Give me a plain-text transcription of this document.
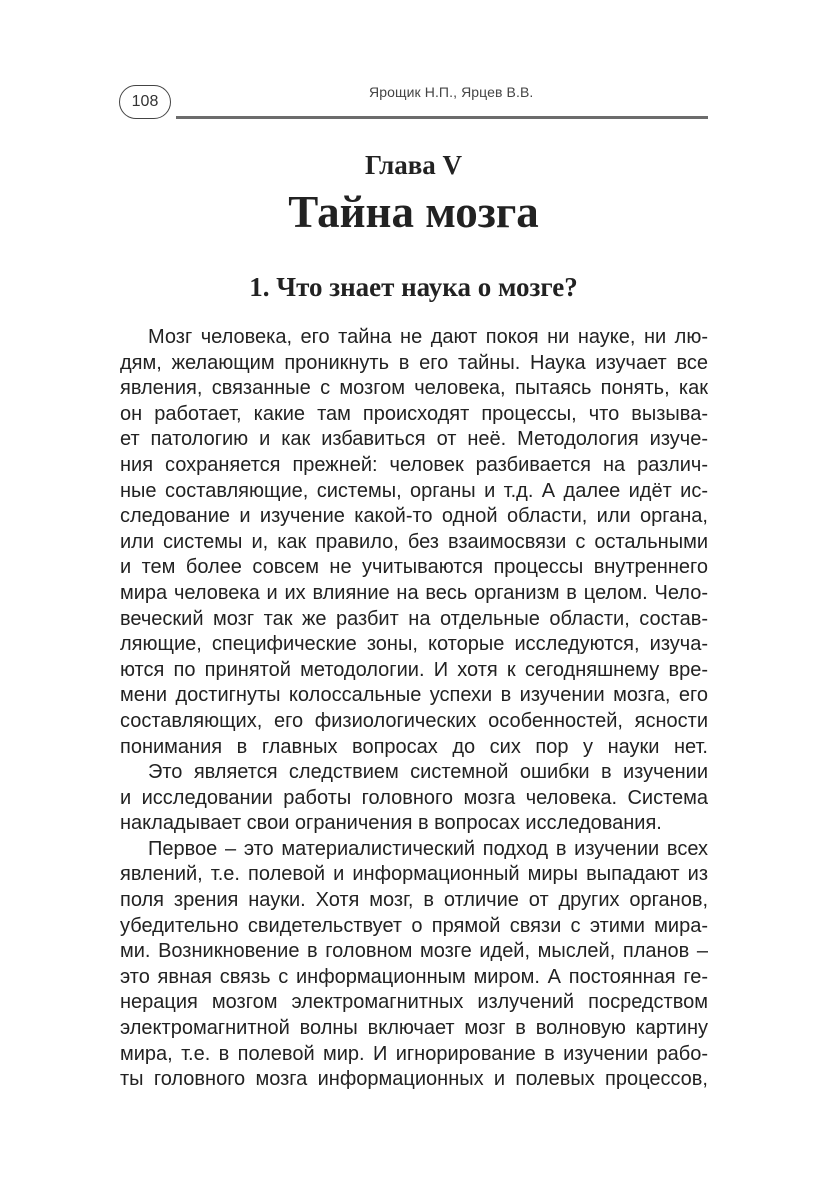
108
Ярощик Н.П., Ярцев В.В.
Глава V
Тайна мозга
1. Что знает наука о мозге?
Мозг человека, его тайна не дают покоя ни науке, ни лю-
дям, желающим проникнуть в его тайны. Наука изучает все
явления, связанные с мозгом человека, пытаясь понять, как
он работает, какие там происходят процессы, что вызыва-
ет патологию и как избавиться от неё. Методология изуче-
ния сохраняется прежней: человек разбивается на различ-
ные составляющие, системы, органы и т.д. А далее идёт ис-
следование и изучение какой-то одной области, или органа,
или системы и, как правило, без взаимосвязи с остальными
и тем более совсем не учитываются процессы внутреннего
мира человека и их влияние на весь организм в целом. Чело-
веческий мозг так же разбит на отдельные области, состав-
ляющие, специфические зоны, которые исследуются, изуча-
ются по принятой методологии. И хотя к сегодняшнему вре-
мени достигнуты колоссальные успехи в изучении мозга, его
составляющих, его физиологических особенностей, ясности
понимания в главных вопросах до сих пор у науки нет.
Это является следствием системной ошибки в изучении
и исследовании работы головного мозга человека. Система
накладывает свои ограничения в вопросах исследования.
Первое – это материалистический подход в изучении всех
явлений, т.е. полевой и информационный миры выпадают из
поля зрения науки. Хотя мозг, в отличие от других органов,
убедительно свидетельствует о прямой связи с этими мира-
ми. Возникновение в головном мозге идей, мыслей, планов –
это явная связь с информационным миром. А постоянная ге-
нерация мозгом электромагнитных излучений посредством
электромагнитной волны включает мозг в волновую картину
мира, т.е. в полевой мир. И игнорирование в изучении рабо-
ты головного мозга информационных и полевых процессов,
